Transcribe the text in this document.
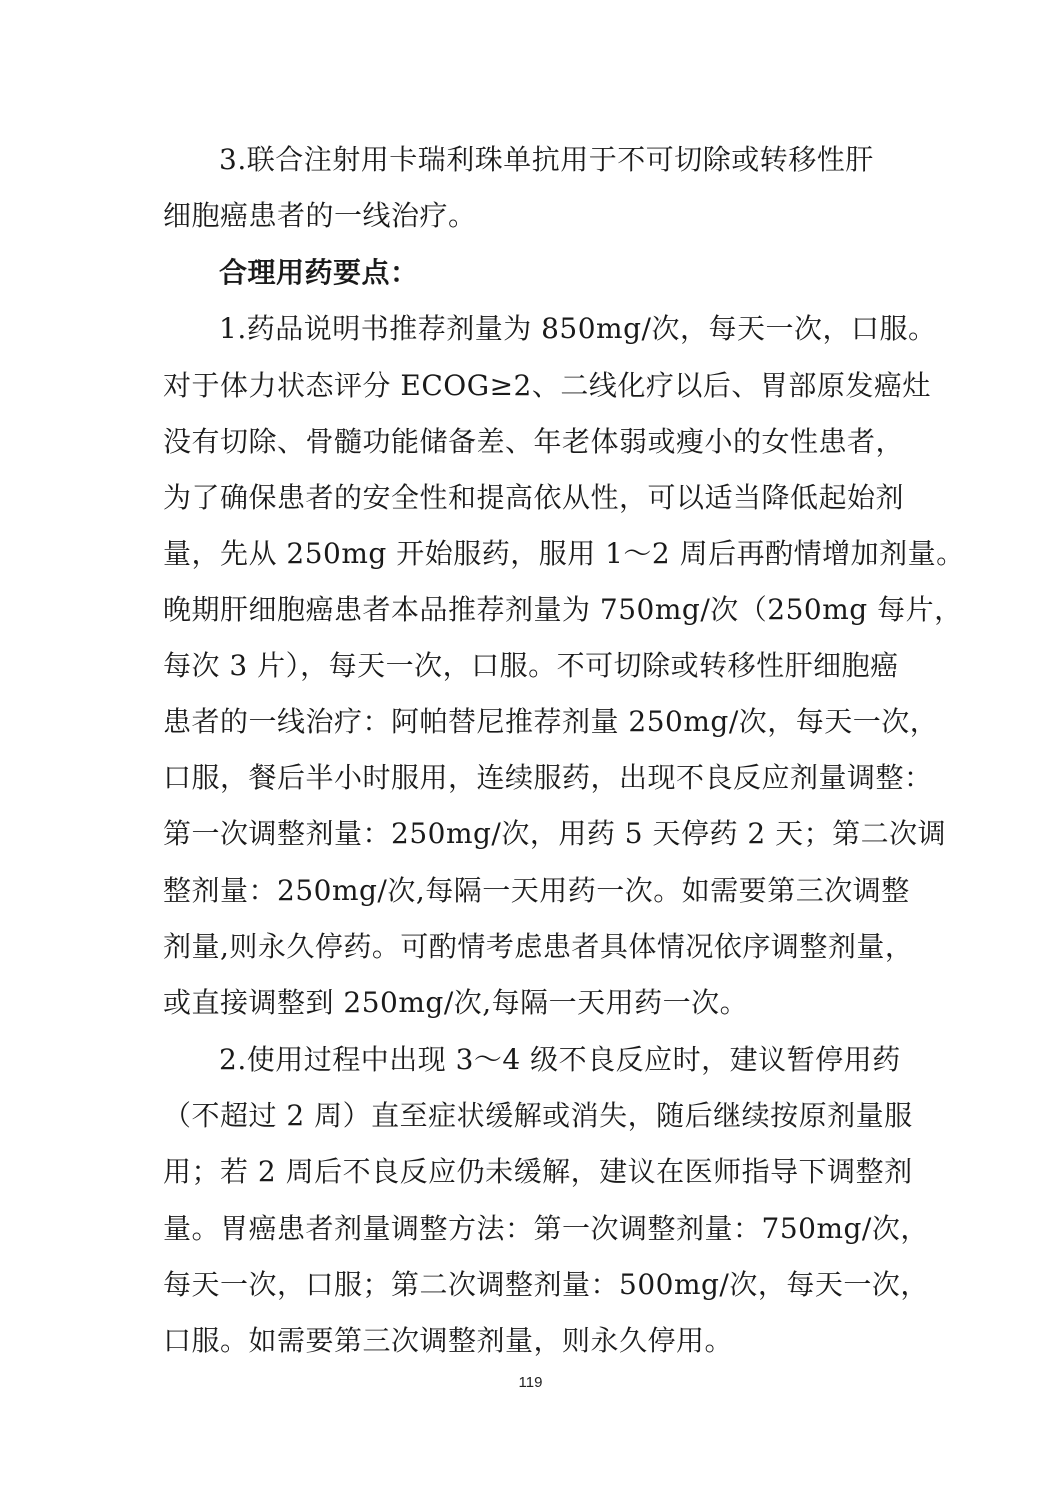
3.联合注射用卡瑞利珠单抗用于不可切除或转移性肝
细胞癌患者的一线治疗。
合理用药要点：
1.药品说明书推荐剂量为 850mg/次，每天一次，口服。
对于体力状态评分 ECOG≥2、二线化疗以后、胃部原发癌灶
没有切除、骨髓功能储备差、年老体弱或瘦小的女性患者，
为了确保患者的安全性和提高依从性，可以适当降低起始剂
量，先从 250mg 开始服药，服用 1～2 周后再酌情增加剂量。
晚期肝细胞癌患者本品推荐剂量为 750mg/次（250mg 每片，
每次 3 片），每天一次，口服。不可切除或转移性肝细胞癌
患者的一线治疗：阿帕替尼推荐剂量 250mg/次，每天一次，
口服，餐后半小时服用，连续服药，出现不良反应剂量调整：
第一次调整剂量：250mg/次，用药 5 天停药 2 天；第二次调
整剂量：250mg/次,每隔一天用药一次。如需要第三次调整
剂量,则永久停药。可酌情考虑患者具体情况依序调整剂量，
或直接调整到 250mg/次,每隔一天用药一次。
2.使用过程中出现 3～4 级不良反应时，建议暂停用药
（不超过 2 周）直至症状缓解或消失，随后继续按原剂量服
用；若 2 周后不良反应仍未缓解，建议在医师指导下调整剂
量。胃癌患者剂量调整方法：第一次调整剂量：750mg/次，
每天一次，口服；第二次调整剂量：500mg/次，每天一次，
口服。如需要第三次调整剂量，则永久停用。
119
